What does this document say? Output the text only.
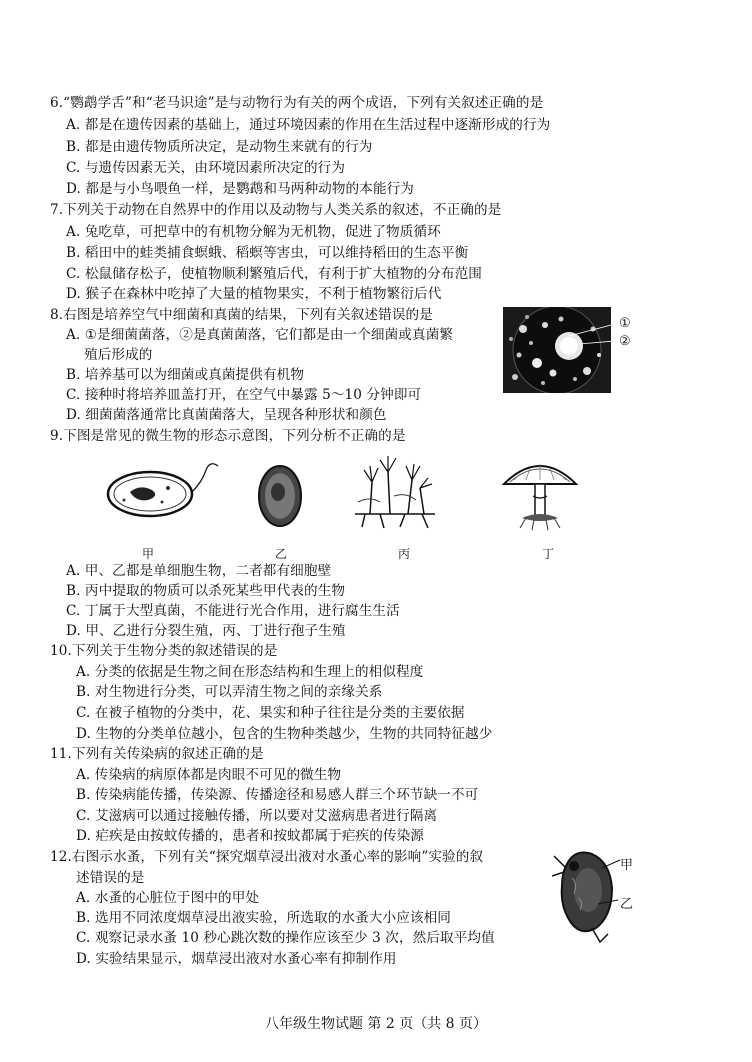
6.“鹦鹉学舌”和“老马识途”是与动物行为有关的两个成语，下列有关叙述正确的是
A. 都是在遗传因素的基础上，通过环境因素的作用在生活过程中逐渐形成的行为
B. 都是由遗传物质所决定，是动物生来就有的行为
C. 与遗传因素无关，由环境因素所决定的行为
D. 都是与小鸟喂鱼一样，是鹦鹉和马两种动物的本能行为
7.下列关于动物在自然界中的作用以及动物与人类关系的叙述，不正确的是
A. 兔吃草，可把草中的有机物分解为无机物，促进了物质循环
B. 稻田中的蛙类捕食螟蛾、稻螟等害虫，可以维持稻田的生态平衡
C. 松鼠储存松子，使植物顺利繁殖后代，有利于扩大植物的分布范围
D. 猴子在森林中吃掉了大量的植物果实，不利于植物繁衍后代
8.右图是培养空气中细菌和真菌的结果，下列有关叙述错误的是
A. ①是细菌菌落，②是真菌菌落，它们都是由一个细菌或真菌繁
殖后形成的
B. 培养基可以为细菌或真菌提供有机物
C. 接种时将培养皿盖打开，在空气中暴露 5～10 分钟即可
D. 细菌菌落通常比真菌菌落大，呈现各种形状和颜色
①
②
9.下图是常见的微生物的形态示意图，下列分析不正确的是
甲	乙	丙	丁
A. 甲、乙都是单细胞生物，二者都有细胞壁
B. 丙中提取的物质可以杀死某些甲代表的生物
C. 丁属于大型真菌，不能进行光合作用，进行腐生生活
D. 甲、乙进行分裂生殖，丙、丁进行孢子生殖
10.下列关于生物分类的叙述错误的是
A. 分类的依据是生物之间在形态结构和生理上的相似程度
B. 对生物进行分类，可以弄清生物之间的亲缘关系
C. 在被子植物的分类中，花、果实和种子往往是分类的主要依据
D. 生物的分类单位越小，包含的生物种类越少，生物的共同特征越少
11.下列有关传染病的叙述正确的是
A. 传染病的病原体都是肉眼不可见的微生物
B. 传染病能传播，传染源、传播途径和易感人群三个环节缺一不可
C. 艾滋病可以通过接触传播，所以要对艾滋病患者进行隔离
D. 疟疾是由按蚊传播的，患者和按蚊都属于疟疾的传染源
12.右图示水蚤，下列有关“探究烟草浸出液对水蚤心率的影响”实验的叙
述错误的是
A. 水蚤的心脏位于图中的甲处
B. 选用不同浓度烟草浸出液实验，所选取的水蚤大小应该相同
C. 观察记录水蚤 10 秒心跳次数的操作应该至少 3 次，然后取平均值
D. 实验结果显示，烟草浸出液对水蚤心率有抑制作用
甲
乙
八年级生物试题 第 2 页（共 8 页）
